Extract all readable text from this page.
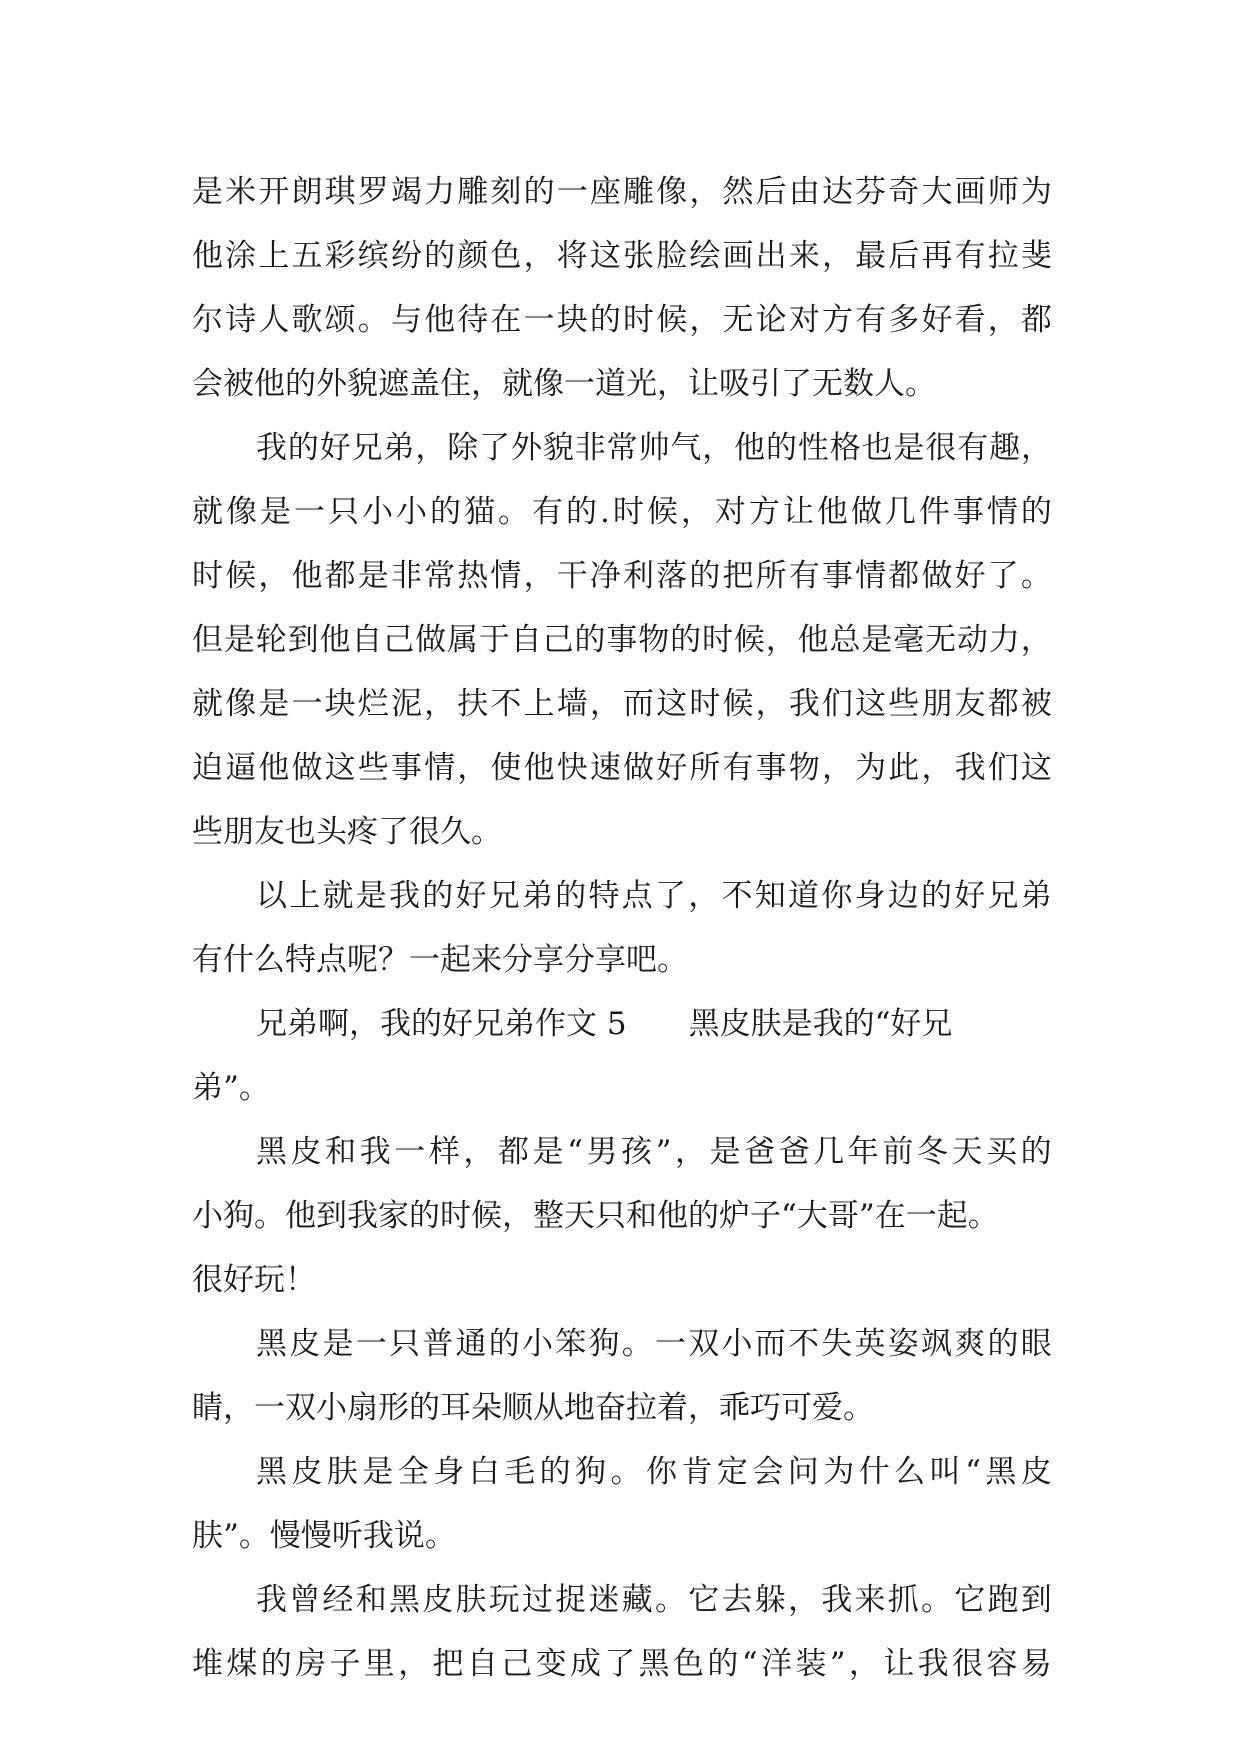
是 米 开 朗 琪 罗 竭 力 雕 刻 的 一 座 雕 像 ， 然 后 由 达 芬 奇 大 画 师 为
他 涂 上 五 彩 缤 纷 的 颜 色 ， 将 这 张 脸 绘 画 出 来 ， 最 后 再 有 拉 斐
尔 诗 人 歌 颂 。 与 他 待 在 一 块 的 时 候 ， 无 论 对 方 有 多 好 看 ， 都
会被他的外貌遮盖住，就像一道光，让吸引了无数人。
我 的 好 兄 弟 ， 除 了 外 貌 非 常 帅 气 ， 他 的 性 格 也 是 很 有 趣 ，
就 像 是 一 只 小 小 的 猫 。 有 的 . 时 候 ， 对 方 让 他 做 几 件 事 情 的
时 候 ， 他 都 是 非 常 热 情 ， 干 净 利 落 的 把 所 有 事 情 都 做 好 了 。
但 是 轮 到 他 自 己 做 属 于 自 己 的 事 物 的 时 候 ， 他 总 是 毫 无 动 力 ，
就 像 是 一 块 烂 泥 ， 扶 不 上 墙 ， 而 这 时 候 ， 我 们 这 些 朋 友 都 被
迫 逼 他 做 这 些 事 情 ， 使 他 快 速 做 好 所 有 事 物 ， 为 此 ， 我 们 这
些朋友也头疼了很久。
以 上 就 是 我 的 好 兄 弟 的 特 点 了 ， 不 知 道 你 身 边 的 好 兄 弟
有什么特点呢？一起来分享分享吧。
兄弟啊，我的好兄弟作文 5　　黑皮肤是我的“好兄
弟”。
黑 皮 和 我 一 样 ， 都 是 “ 男 孩 ” ， 是 爸 爸 几 年 前 冬 天 买 的
小狗。他到我家的时候，整天只和他的炉子“大哥”在一起。
很好玩！
黑 皮 是 一 只 普 通 的 小 笨 狗 。 一 双 小 而 不 失 英 姿 飒 爽 的 眼
睛，一双小扇形的耳朵顺从地奋拉着，乖巧可爱。
黑 皮 肤 是 全 身 白 毛 的 狗 。 你 肯 定 会 问 为 什 么 叫 “ 黑 皮
肤”。慢慢听我说。
我 曾 经 和 黑 皮 肤 玩 过 捉 迷 藏 。 它 去 躲 ， 我 来 抓 。 它 跑 到
堆 煤 的 房 子 里 ， 把 自 己 变 成 了 黑 色 的 “ 洋 装 ” ， 让 我 很 容 易
